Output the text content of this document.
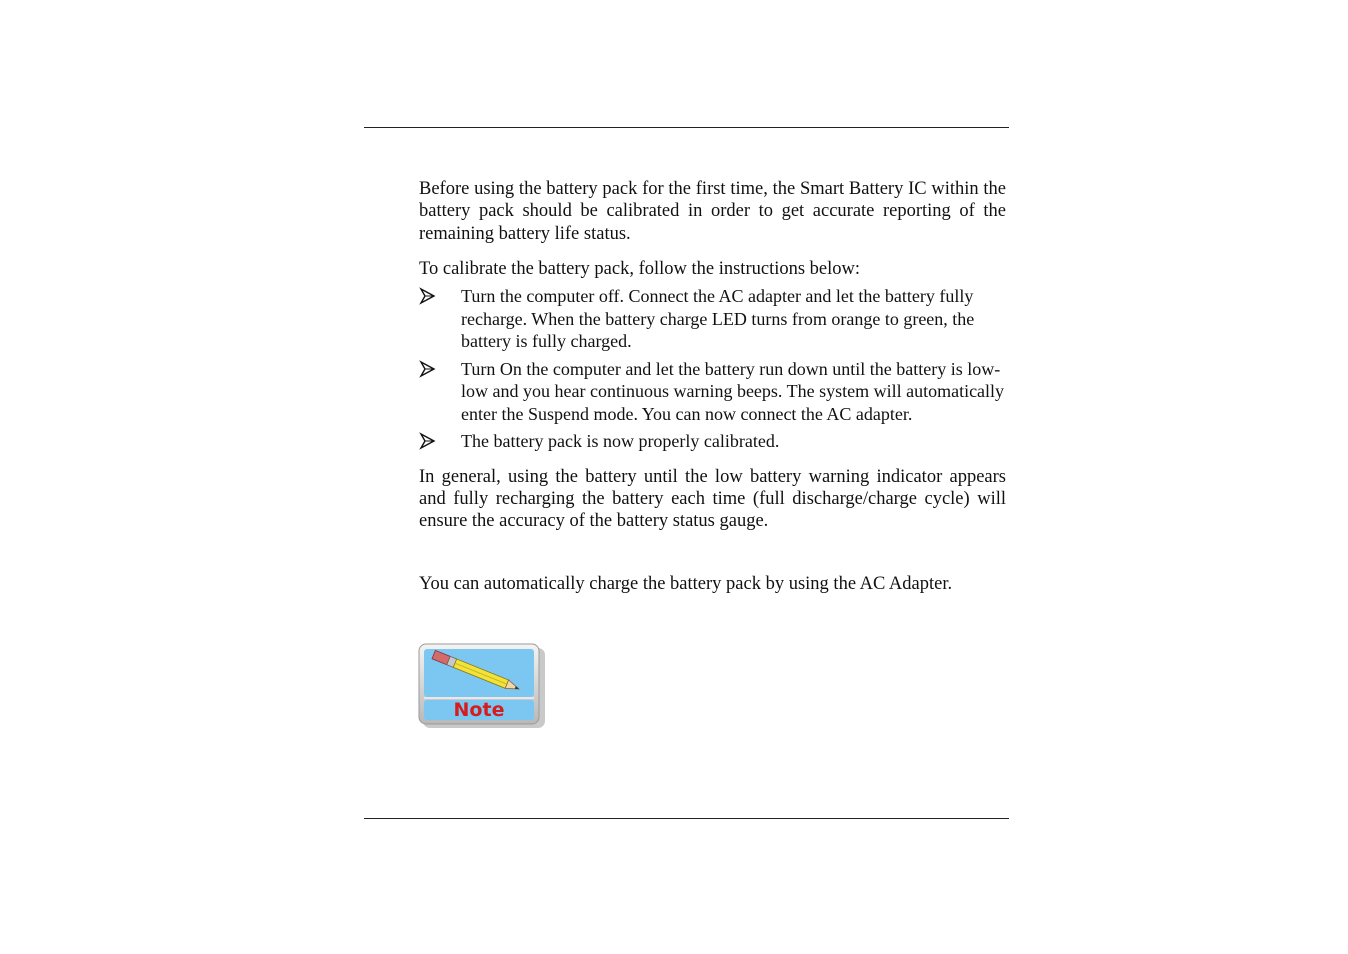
Before using the battery pack for the first time, the Smart Battery IC within the battery pack should be calibrated in order to get accurate reporting of the remaining battery life status.

To calibrate the battery pack, follow the instructions below:

Turn the computer off. Connect the AC adapter and let the battery fully recharge. When the battery charge LED turns from orange to green, the battery is fully charged.
Turn On the computer and let the battery run down until the battery is low-low and you hear continuous warning beeps. The system will automatically enter the Suspend mode. You can now connect the AC adapter.
The battery pack is now properly calibrated.

In general, using the battery until the low battery warning indicator appears and fully recharging the battery each time (full discharge/charge cycle) will ensure the accuracy of the battery status gauge.

You can automatically charge the battery pack by using the AC Adapter.

Note
